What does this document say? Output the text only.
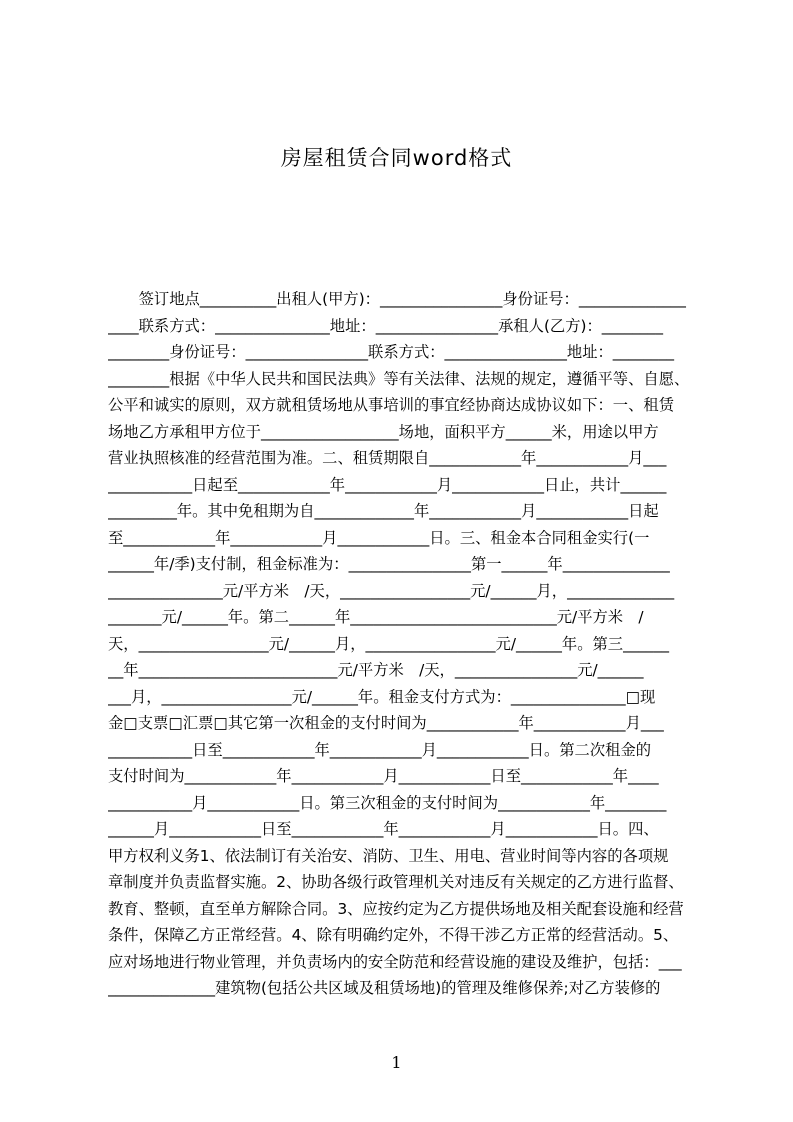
房屋租赁合同word格式
　　签订地点__________出租人(甲方)：________________身份证号：______________
____联系方式：_______________地址：________________承租人(乙方)：________
________身份证号：________________联系方式：________________地址：________
________根据《中华人民共和国民法典》等有关法律、法规的规定，遵循平等、自愿、
公平和诚实的原则，双方就租赁场地从事培训的事宜经协商达成协议如下：一、租赁
场地乙方承租甲方位于__________________场地，面积平方______米，用途以甲方
营业执照核准的经营范围为准。二、租赁期限自____________年____________月___
___________日起至____________年____________月____________日止，共计______
_________年。其中免租期为自_____________年____________月____________日起
至____________年____________月____________日。三、租金本合同租金实行(一
______年/季)支付制，租金标准为：________________第一______年______________
_______________元/平方米　/天，_________________元/______月，______________
_______元/______年。第二______年___________________________元/平方米　/
天，_________________元/______月，_________________元/______年。第三______
__年__________________________元/平方米　/天，________________元/______
___月，_________________元/______年。租金支付方式为：_______________□现
金□支票□汇票□其它第一次租金的支付时间为____________年____________月___
___________日至____________年____________月____________日。第二次租金的
支付时间为____________年____________月____________日至____________年____
___________月____________日。第三次租金的支付时间为____________年________
______月____________日至____________年____________月____________日。四、
甲方权利义务1、依法制订有关治安、消防、卫生、用电、营业时间等内容的各项规
章制度并负责监督实施。2、协助各级行政管理机关对违反有关规定的乙方进行监督、
教育、整顿，直至单方解除合同。3、应按约定为乙方提供场地及相关配套设施和经营
条件，保障乙方正常经营。4、除有明确约定外，不得干涉乙方正常的经营活动。5、
应对场地进行物业管理，并负责场内的安全防范和经营设施的建设及维护，包括：___
______________建筑物(包括公共区域及租赁场地)的管理及维修保养;对乙方装修的
1
